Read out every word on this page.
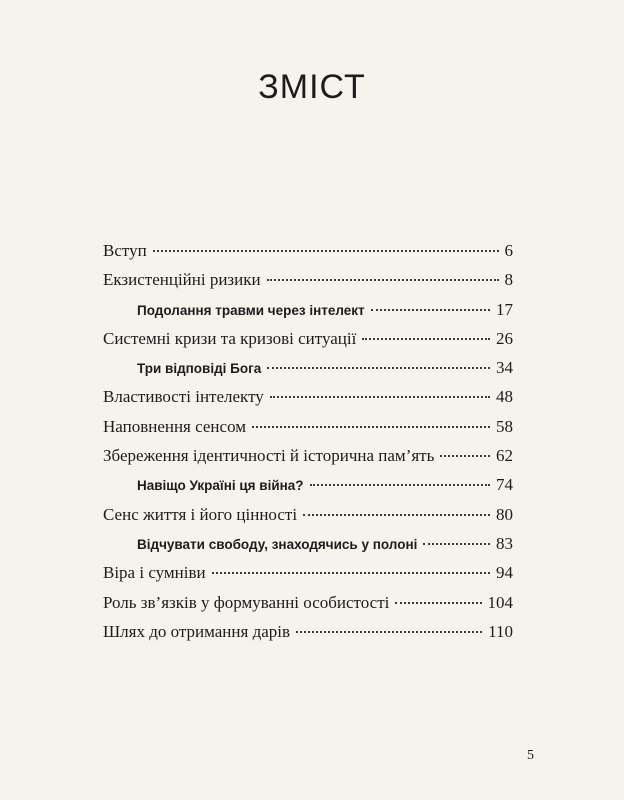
ЗМІСТ
Вступ	6
Екзистенційні ризики	8
Подолання травми через інтелект	17
Системні кризи та кризові ситуації	26
Три відповіді Бога	34
Властивості інтелекту	48
Наповнення сенсом	58
Збереження ідентичності й історична пам’ять	62
Навіщо Україні ця війна?	74
Сенс життя і його цінності	80
Відчувати свободу, знаходячись у полоні	83
Віра і сумніви	94
Роль зв’язків у формуванні особистості	104
Шлях до отримання дарів	110
5
